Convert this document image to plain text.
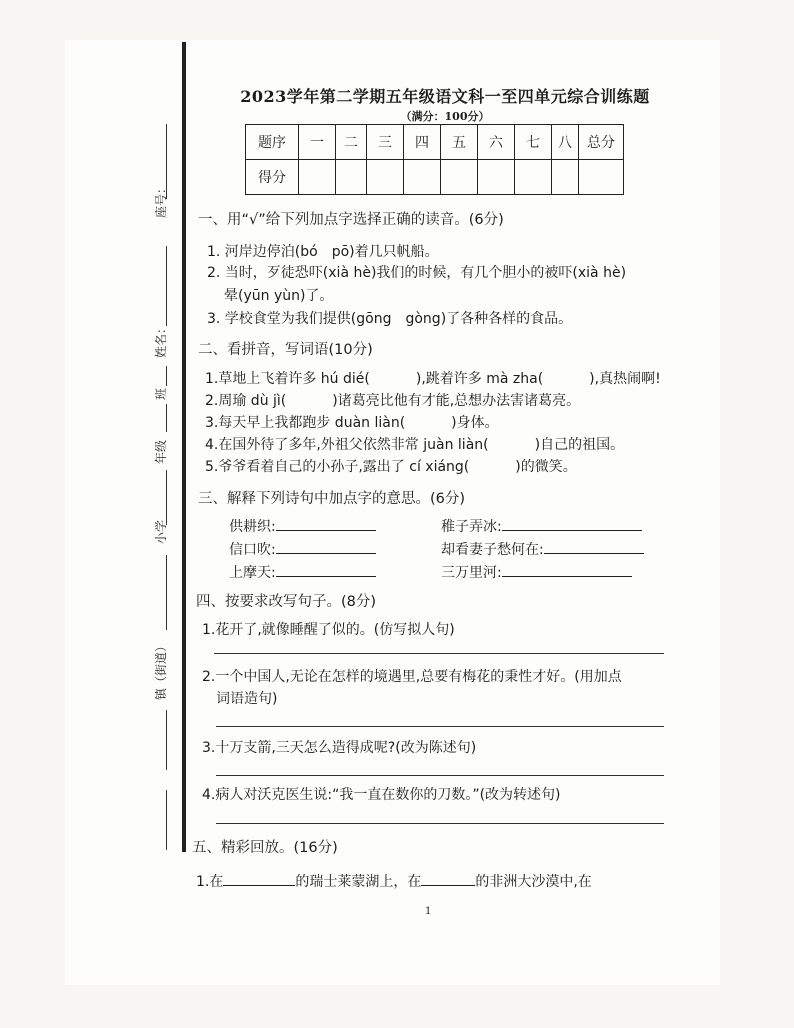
座号：
姓名：
班
年级
小学
镇（街道）
2023学年第二学期五年级语文科一至四单元综合训练题
（满分：100分）
题序	一	二	三	四	五	六	七	八	总分
得分									
一、用“√”给下列加点字选择正确的读音。(6分)
1. 河岸边停泊(bó　pō)着几只帆船。
2. 当时，歹徒恐吓(xià hè)我们的时候，有几个胆小的被吓(xià hè)
晕(yūn yùn)了。
3. 学校食堂为我们提供(gōng　gòng)了各种各样的食品。
二、看拼音，写词语(10分)
1.草地上飞着许多 hú dié(	),跳着许多 mà zha(	),真热闹啊!
2.周瑜 dù jì(	)诸葛亮比他有才能,总想办法害诸葛亮。
3.每天早上我都跑步 duàn liàn(	)身体。
4.在国外待了多年,外祖父依然非常 juàn liàn(	)自己的祖国。
5.爷爷看着自己的小孙子,露出了 cí xiáng(	)的微笑。
三、解释下列诗句中加点字的意思。(6分)
供耕织:	稚子弄冰:
信口吹:	却看妻子愁何在:
上摩天:	三万里河:
四、按要求改写句子。(8分)
1.花开了,就像睡醒了似的。(仿写拟人句)
2.一个中国人,无论在怎样的境遇里,总要有梅花的秉性才好。(用加点
词语造句)
3.十万支箭,三天怎么造得成呢?(改为陈述句)
4.病人对沃克医生说:“我一直在数你的刀数。”(改为转述句)
五、精彩回放。(16分)
1.在	的瑞士莱蒙湖上，在	的非洲大沙漠中,在
1
